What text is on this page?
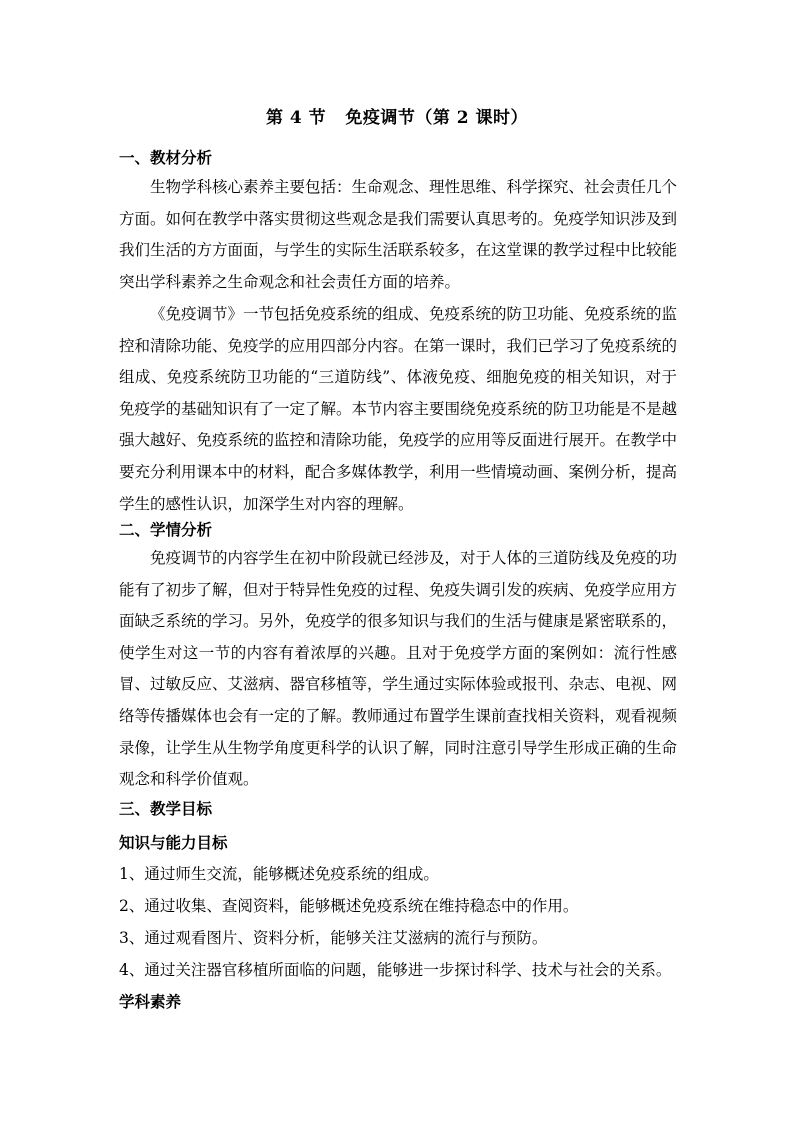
第 4 节   免疫调节（第 2 课时）
一、教材分析
生物学科核心素养主要包括：生命观念、理性思维、科学探究、社会责任几个方面。如何在教学中落实贯彻这些观念是我们需要认真思考的。免疫学知识涉及到我们生活的方方面面，与学生的实际生活联系较多，在这堂课的教学过程中比较能突出学科素养之生命观念和社会责任方面的培养。
《免疫调节》一节包括免疫系统的组成、免疫系统的防卫功能、免疫系统的监控和清除功能、免疫学的应用四部分内容。在第一课时，我们已学习了免疫系统的组成、免疫系统防卫功能的“三道防线”、体液免疫、细胞免疫的相关知识，对于免疫学的基础知识有了一定了解。本节内容主要围绕免疫系统的防卫功能是不是越强大越好、免疫系统的监控和清除功能，免疫学的应用等反面进行展开。在教学中要充分利用课本中的材料，配合多媒体教学，利用一些情境动画、案例分析，提高学生的感性认识，加深学生对内容的理解。
二、学情分析
免疫调节的内容学生在初中阶段就已经涉及，对于人体的三道防线及免疫的功能有了初步了解，但对于特异性免疫的过程、免疫失调引发的疾病、免疫学应用方面缺乏系统的学习。另外，免疫学的很多知识与我们的生活与健康是紧密联系的，使学生对这一节的内容有着浓厚的兴趣。且对于免疫学方面的案例如：流行性感冒、过敏反应、艾滋病、器官移植等，学生通过实际体验或报刊、杂志、电视、网络等传播媒体也会有一定的了解。教师通过布置学生课前查找相关资料，观看视频录像，让学生从生物学角度更科学的认识了解，同时注意引导学生形成正确的生命观念和科学价值观。
三、教学目标
知识与能力目标
1、通过师生交流，能够概述免疫系统的组成。
2、通过收集、查阅资料，能够概述免疫系统在维持稳态中的作用。
3、通过观看图片、资料分析，能够关注艾滋病的流行与预防。
4、通过关注器官移植所面临的问题，能够进一步探讨科学、技术与社会的关系。
学科素养
